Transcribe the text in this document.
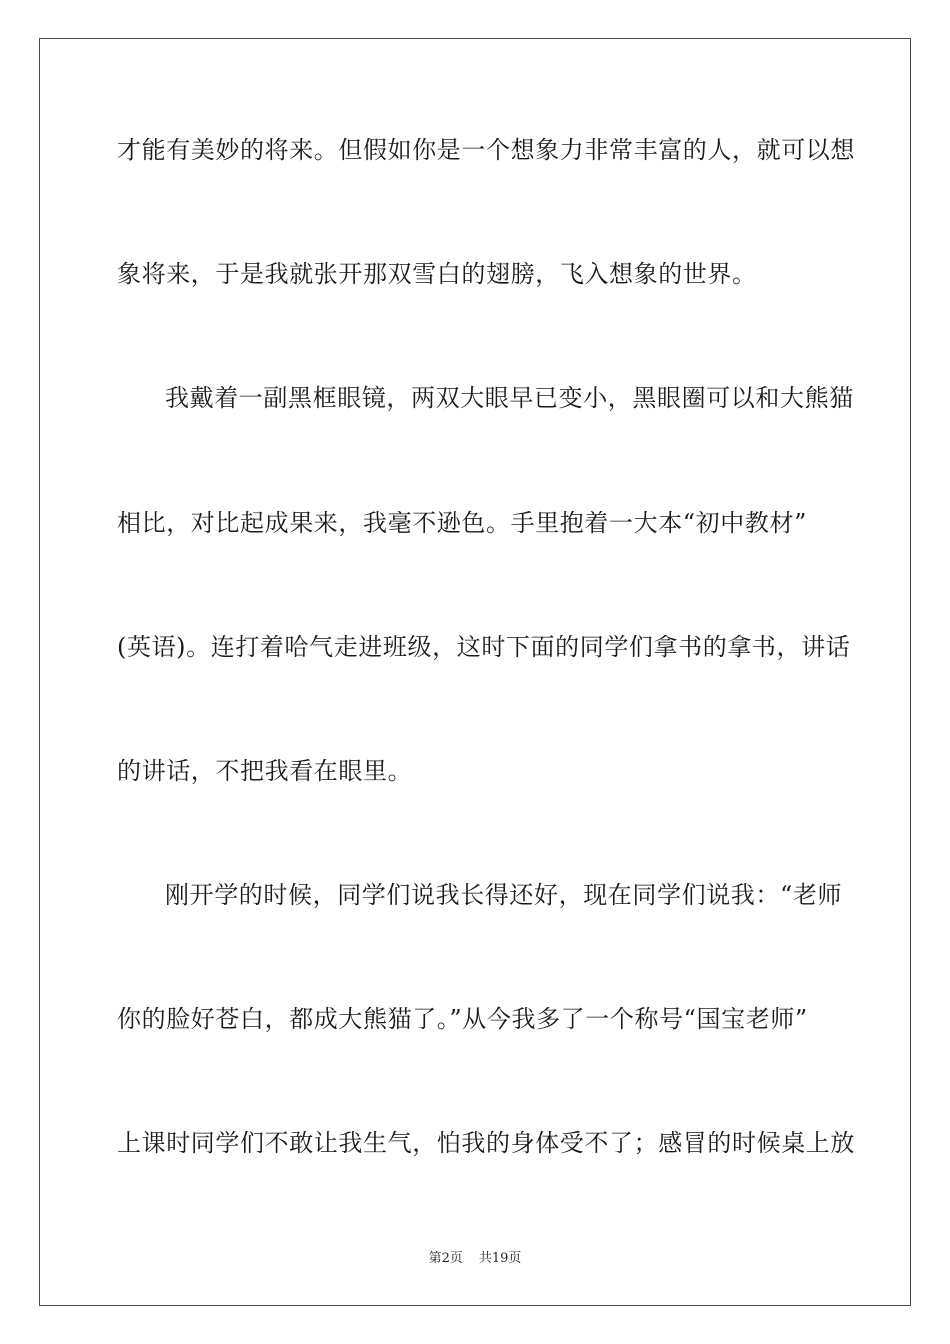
才能有美妙的将来。但假如你是一个想象力非常丰富的人，就可以想
象将来，于是我就张开那双雪白的翅膀，飞入想象的世界。
我戴着一副黑框眼镜，两双大眼早已变小，黑眼圈可以和大熊猫
相比，对比起成果来，我毫不逊色。手里抱着一大本“初中教材”
(英语)。连打着哈气走进班级，这时下面的同学们拿书的拿书，讲话
的讲话，不把我看在眼里。
刚开学的时候，同学们说我长得还好，现在同学们说我：“老师
你的脸好苍白，都成大熊猫了。”从今我多了一个称号“国宝老师”
上课时同学们不敢让我生气，怕我的身体受不了；感冒的时候桌上放
第2页 共19页
